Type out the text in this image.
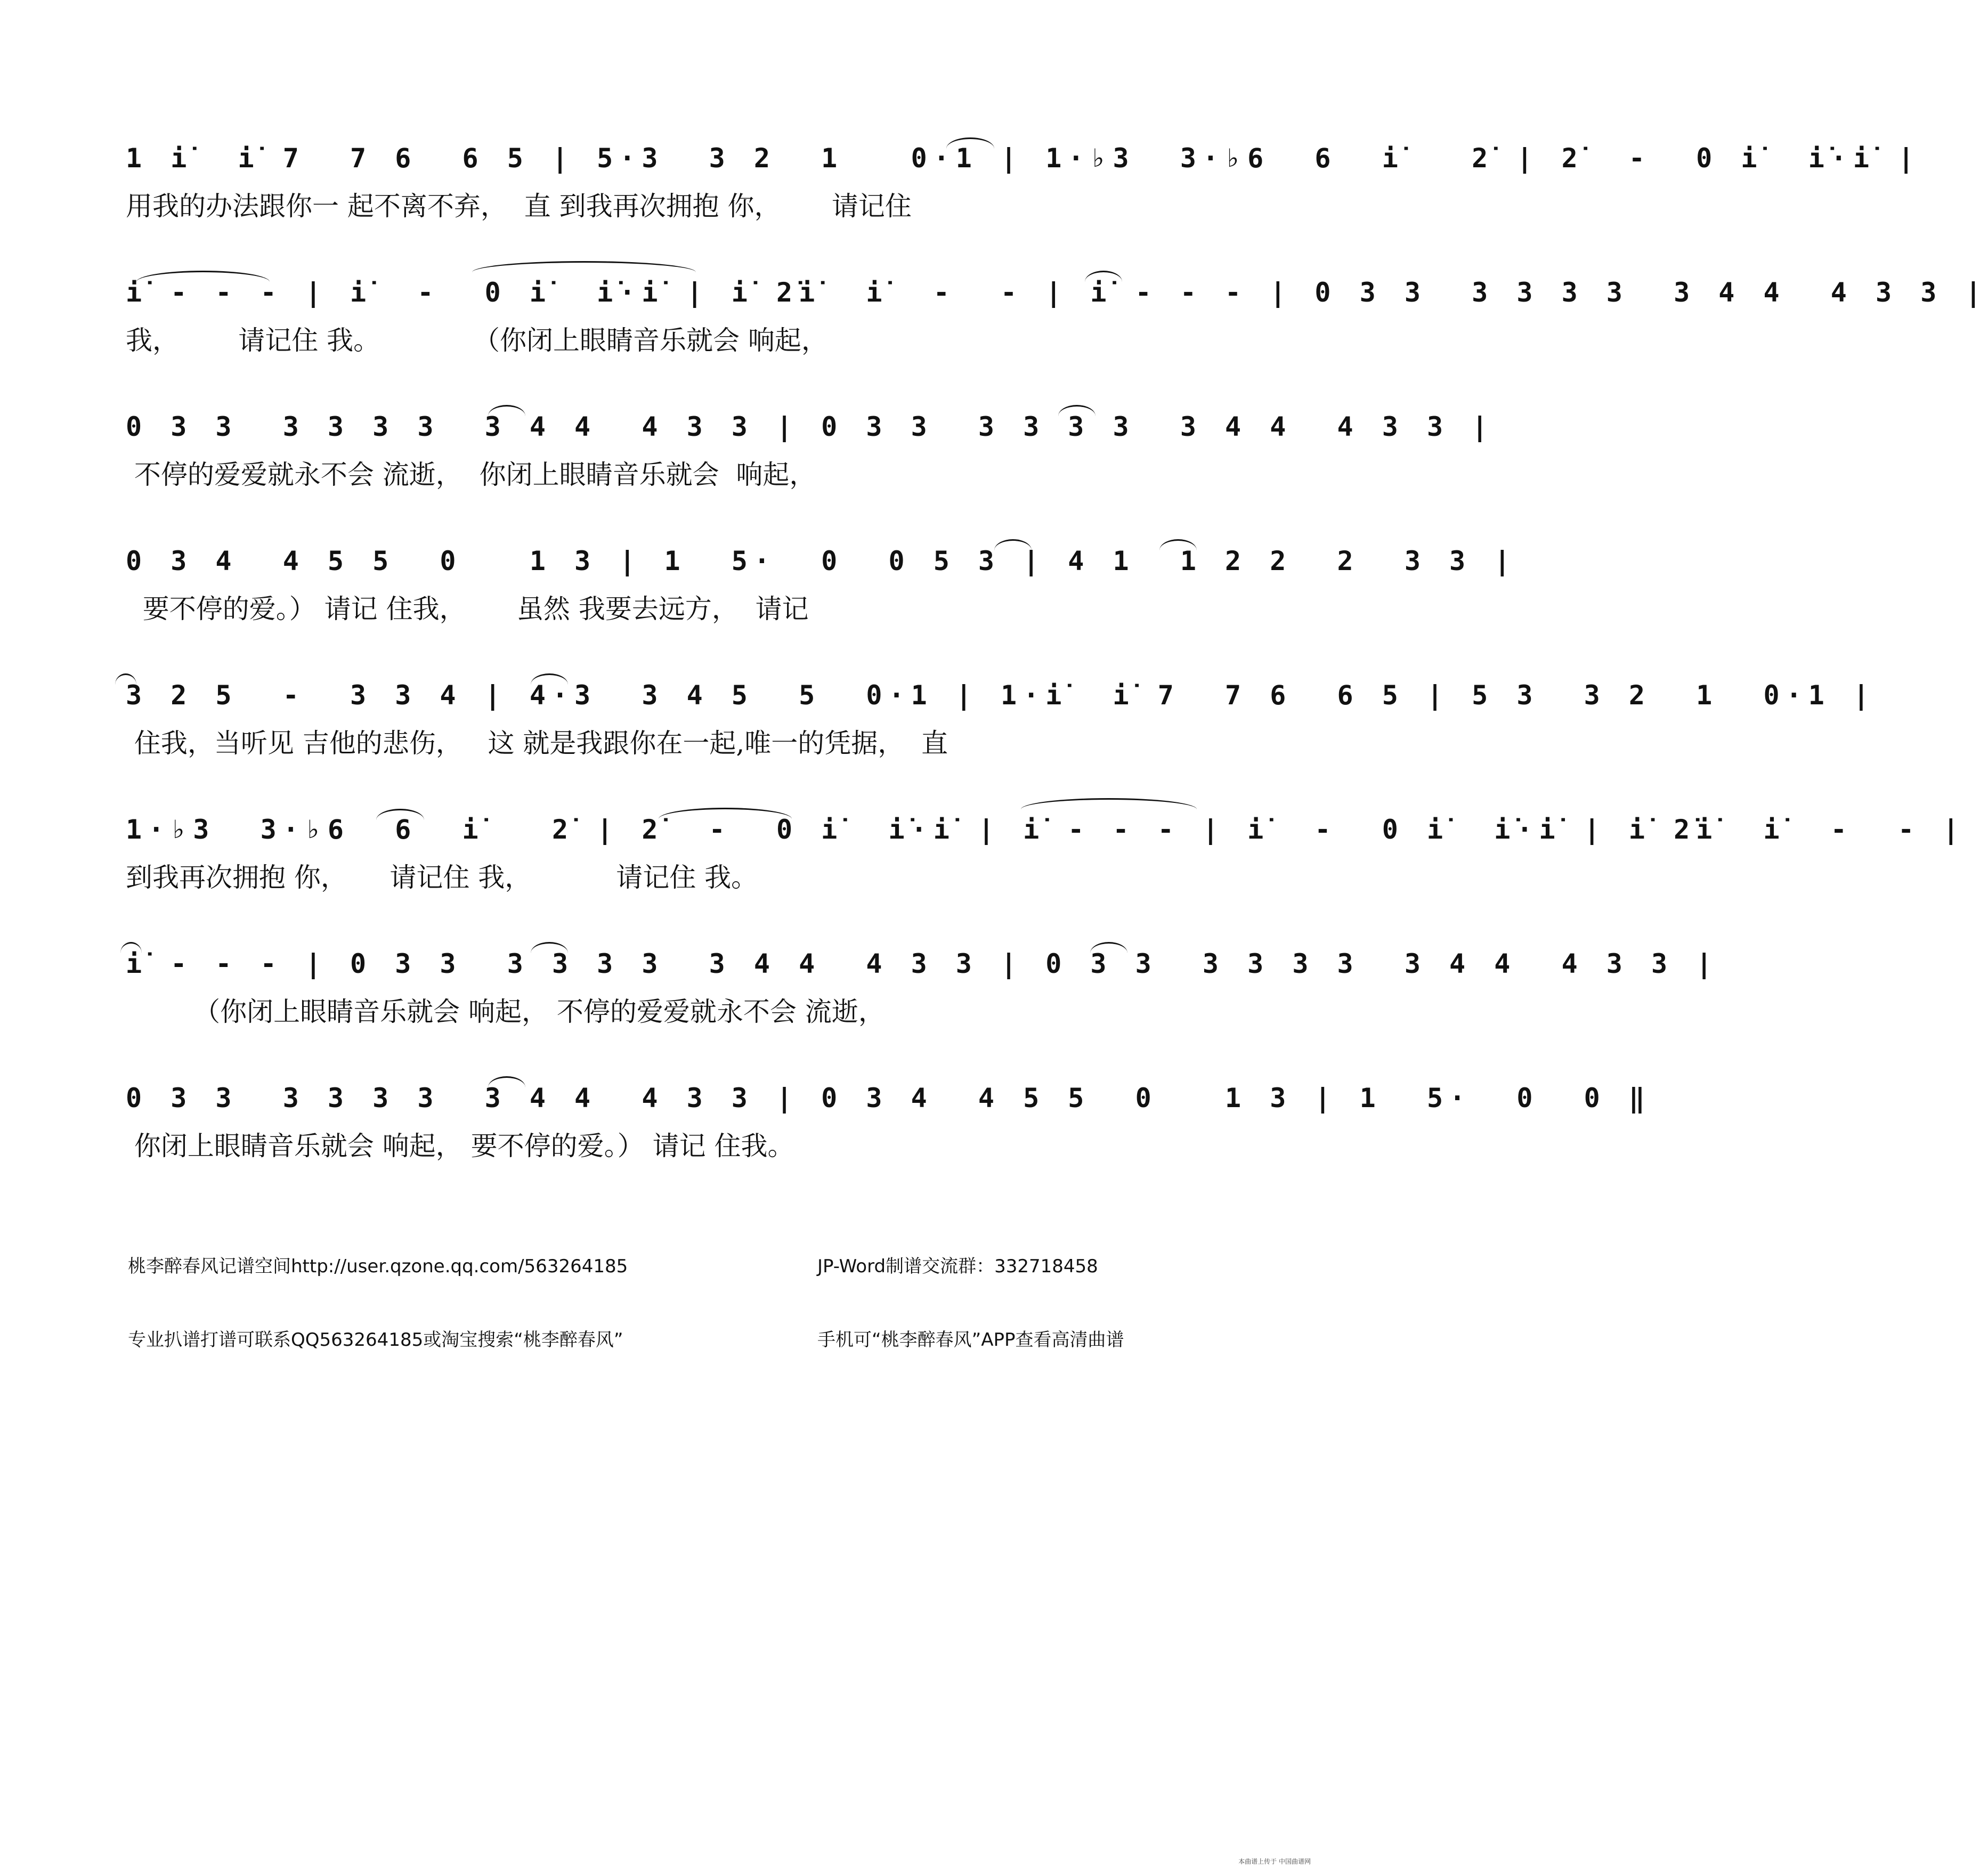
1 i̇  i̇ 7  7 6  6 5 | 5·3  3 2  1   0·1 | 1·♭3  3·♭6  6  i̇   2̇ | 2̇  -  0 i̇  i̇·i̇ |
用我的办法跟你一 起不离不弃，  直 到我再次拥抱 你，      请记住
i̇ - - - | i̇  -  0 i̇  i̇·i̇ | i̇ 2̇i̇  i̇  -  - | i̇ - - - | 0 3 3  3 3 3 3  3 4 4  4 3 3 |
我，       请记住 我。           （你闭上眼睛音乐就会 响起，
0 3 3  3 3 3 3  3 4 4  4 3 3 | 0 3 3  3 3 3 3  3 4 4  4 3 3 |
不停的爱爱就永不会 流逝，  你闭上眼睛音乐就会  响起，
0 3 4  4 5 5  0   1 3 | 1  5·  0  0 5 3 | 4 1  1 2 2  2  3 3 |
要不停的爱。） 请记 住我，      虽然 我要去远方，  请记
3 2 5  -  3 3 4 | 4·3  3 4 5  5  0·1 | 1·i̇  i̇ 7  7 6  6 5 | 5 3  3 2  1  0·1 |
住我，当听见 吉他的悲伤，   这 就是我跟你在一起,唯一的凭据，  直
1·♭3  3·♭6  6  i̇   2̇ | 2̇  -  0 i̇  i̇·i̇ | i̇ - - - | i̇  -  0 i̇  i̇·i̇ | i̇ 2̇i̇  i̇  -  - |
到我再次拥抱 你，     请记住 我，          请记住 我。
i̇ - - - | 0 3 3  3 3 3 3  3 4 4  4 3 3 | 0 3 3  3 3 3 3  3 4 4  4 3 3 |
（你闭上眼睛音乐就会 响起， 不停的爱爱就永不会 流逝，
0 3 3  3 3 3 3  3 4 4  4 3 3 | 0 3 4  4 5 5  0   1 3 | 1  5·  0  0 ‖
你闭上眼睛音乐就会 响起， 要不停的爱。） 请记 住我。

桃李醉春风记谱空间http://user.qzone.qq.com/563264185

专业扒谱打谱可联系QQ563264185或淘宝搜索“桃李醉春风”

JP-Word制谱交流群：332718458

手机可“桃李醉春风”APP查看高清曲谱

本曲谱上传于 中国曲谱网
